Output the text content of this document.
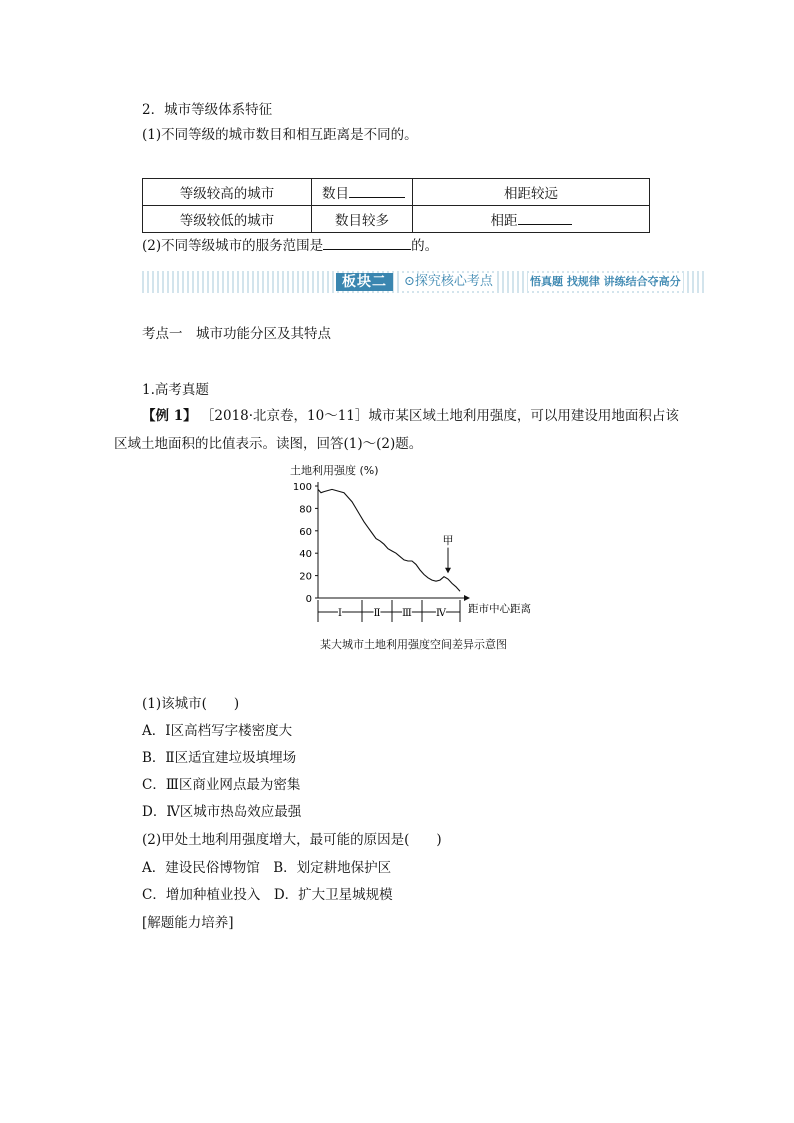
2．城市等级体系特征
(1)不同等级的城市数目和相互距离是不同的。
等级较高的城市	数目	相距较远
等级较低的城市	数目较多	相距
(2)不同等级城市的服务范围是	的。
板块二	⊙探究核心考点	悟真题 找规律 讲练结合夺高分
考点一　城市功能分区及其特点
1.高考真题
【例 1】 ［2018·北京卷，10～11］城市某区域土地利用强度，可以用建设用地面积占该
区域土地面积的比值表示。读图，回答(1)～(2)题。
土地利用强度 (%)
100
80
60
40
20
0
距市中心距离
Ⅰ	Ⅱ Ⅲ Ⅳ
甲
某大城市土地利用强度空间差异示意图
(1)该城市(　　)
A．Ⅰ区高档写字楼密度大
B．Ⅱ区适宜建垃圾填埋场
C．Ⅲ区商业网点最为密集
D．Ⅳ区城市热岛效应最强
(2)甲处土地利用强度增大，最可能的原因是(　　)
A．建设民俗博物馆　B．划定耕地保护区
C．增加种植业投入　D．扩大卫星城规模
[解题能力培养]
